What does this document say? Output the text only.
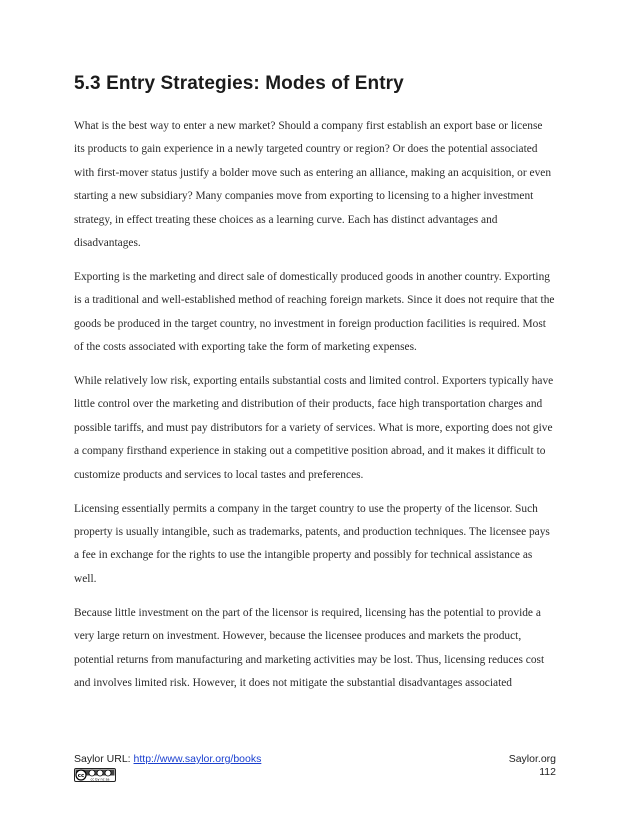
5.3 Entry Strategies: Modes of Entry

What is the best way to enter a new market? Should a company first establish an export base or license its products to gain experience in a newly targeted country or region? Or does the potential associated with first-mover status justify a bolder move such as entering an alliance, making an acquisition, or even starting a new subsidiary? Many companies move from exporting to licensing to a higher investment strategy, in effect treating these choices as a learning curve. Each has distinct advantages and disadvantages.

Exporting is the marketing and direct sale of domestically produced goods in another country. Exporting is a traditional and well-established method of reaching foreign markets. Since it does not require that the goods be produced in the target country, no investment in foreign production facilities is required. Most of the costs associated with exporting take the form of marketing expenses.

While relatively low risk, exporting entails substantial costs and limited control. Exporters typically have little control over the marketing and distribution of their products, face high transportation charges and possible tariffs, and must pay distributors for a variety of services. What is more, exporting does not give a company firsthand experience in staking out a competitive position abroad, and it makes it difficult to customize products and services to local tastes and preferences.

Licensing essentially permits a company in the target country to use the property of the licensor. Such property is usually intangible, such as trademarks, patents, and production techniques. The licensee pays a fee in exchange for the rights to use the intangible property and possibly for technical assistance as well.

Because little investment on the part of the licensor is required, licensing has the potential to provide a very large return on investment. However, because the licensee produces and markets the product, potential returns from manufacturing and marketing activities may be lost. Thus, licensing reduces cost and involves limited risk. However, it does not mitigate the substantial disadvantages associated

Saylor URL: http://www.saylor.org/books
cc
cc by nc sa
Saylor.org
112
